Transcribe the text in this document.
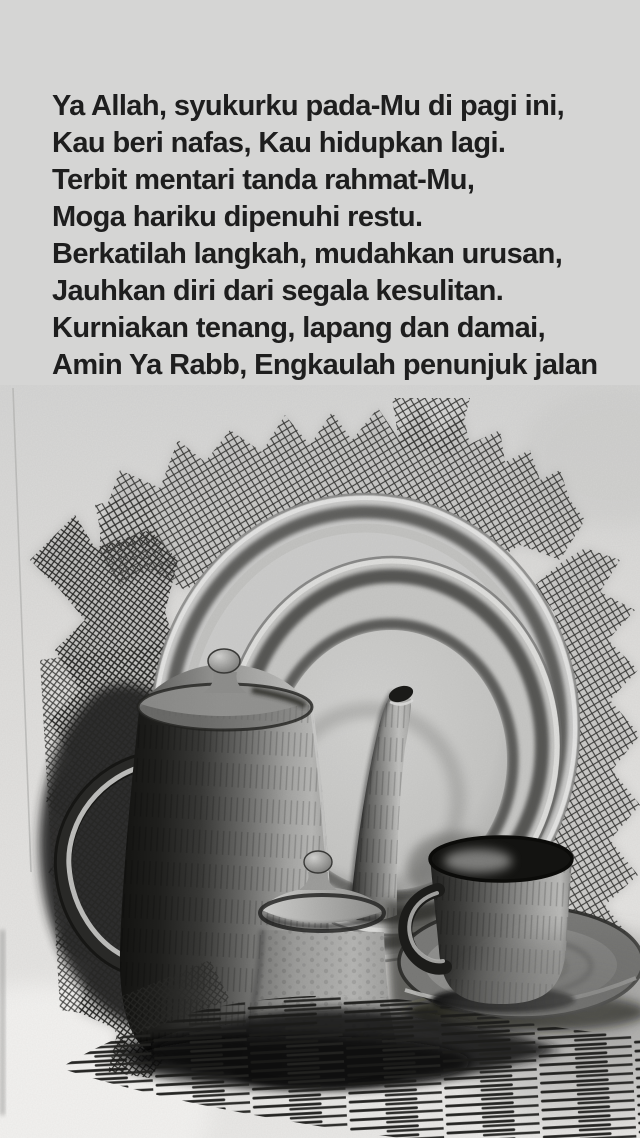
Ya Allah, syukurku pada-Mu di pagi ini,
Kau beri nafas, Kau hidupkan lagi.
Terbit mentari tanda rahmat-Mu,
Moga hariku dipenuhi restu.
Berkatilah langkah, mudahkan urusan,
Jauhkan diri dari segala kesulitan.
Kurniakan tenang, lapang dan damai,
Amin Ya Rabb, Engkaulah penunjuk jalan
